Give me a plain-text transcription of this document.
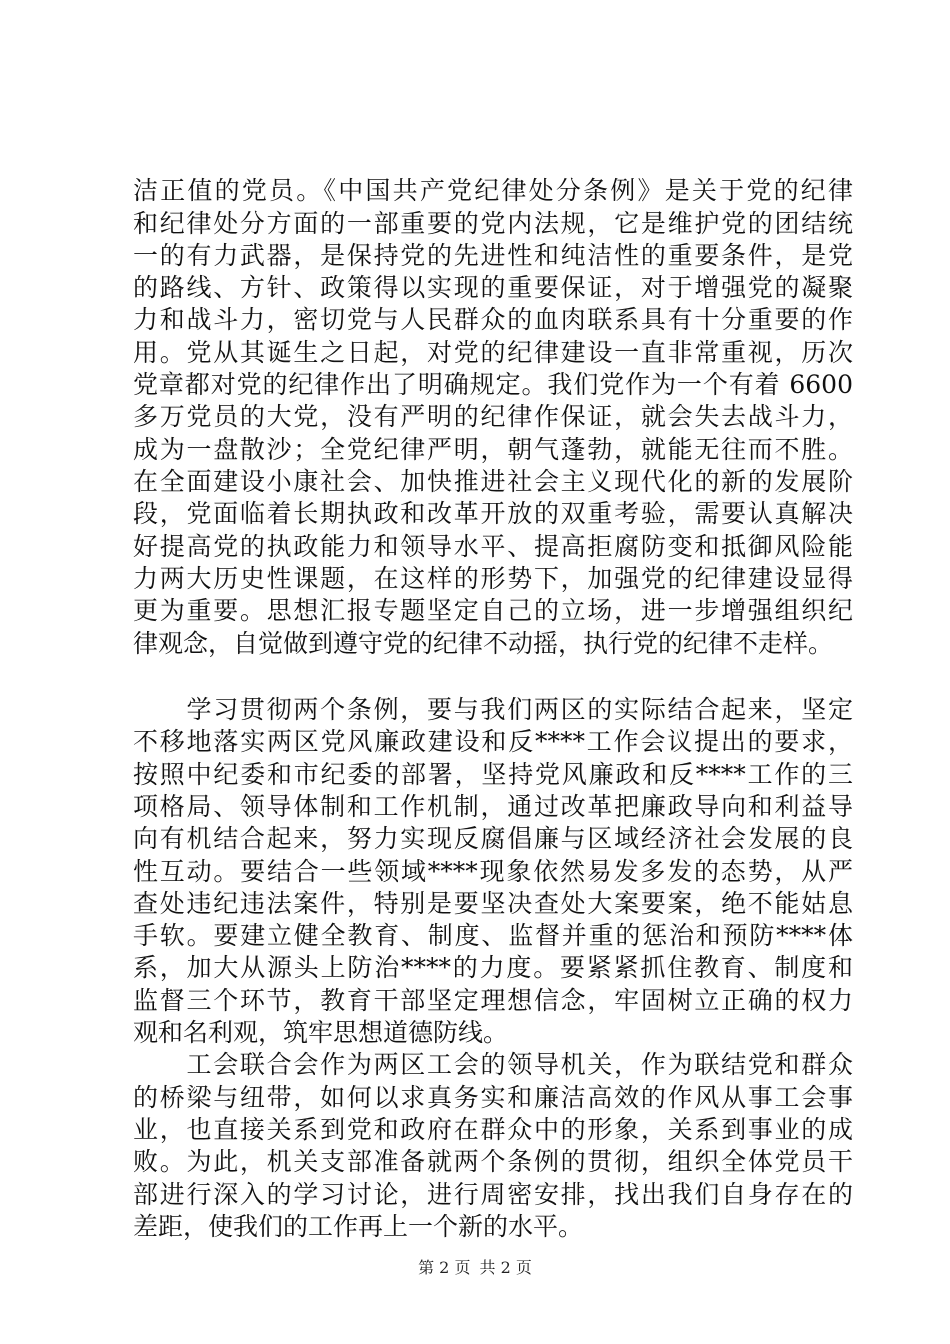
洁正值的党员。《中国共产党纪律处分条例》是关于党的纪律
和纪律处分方面的一部重要的党内法规，它是维护党的团结统
一的有力武器，是保持党的先进性和纯洁性的重要条件，是党
的路线、方针、政策得以实现的重要保证，对于增强党的凝聚
力和战斗力，密切党与人民群众的血肉联系具有十分重要的作
用。党从其诞生之日起，对党的纪律建设一直非常重视，历次
党章都对党的纪律作出了明确规定。我们党作为一个有着 6600
多万党员的大党，没有严明的纪律作保证，就会失去战斗力，
成为一盘散沙；全党纪律严明，朝气蓬勃，就能无往而不胜。
在全面建设小康社会、加快推进社会主义现代化的新的发展阶
段，党面临着长期执政和改革开放的双重考验，需要认真解决
好提高党的执政能力和领导水平、提高拒腐防变和抵御风险能
力两大历史性课题，在这样的形势下，加强党的纪律建设显得
更为重要。思想汇报专题坚定自己的立场，进一步增强组织纪
律观念，自觉做到遵守党的纪律不动摇，执行党的纪律不走样。
　　学习贯彻两个条例，要与我们两区的实际结合起来，坚定
不移地落实两区党风廉政建设和反****工作会议提出的要求，
按照中纪委和市纪委的部署，坚持党风廉政和反****工作的三
项格局、领导体制和工作机制，通过改革把廉政导向和利益导
向有机结合起来，努力实现反腐倡廉与区域经济社会发展的良
性互动。要结合一些领域****现象依然易发多发的态势，从严
查处违纪违法案件，特别是要坚决查处大案要案，绝不能姑息
手软。要建立健全教育、制度、监督并重的惩治和预防****体
系，加大从源头上防治****的力度。要紧紧抓住教育、制度和
监督三个环节，教育干部坚定理想信念，牢固树立正确的权力
观和名利观，筑牢思想道德防线。
　　工会联合会作为两区工会的领导机关，作为联结党和群众
的桥梁与纽带，如何以求真务实和廉洁高效的作风从事工会事
业，也直接关系到党和政府在群众中的形象，关系到事业的成
败。为此，机关支部准备就两个条例的贯彻，组织全体党员干
部进行深入的学习讨论，进行周密安排，找出我们自身存在的
差距，使我们的工作再上一个新的水平。
第 2 页 共 2 页
